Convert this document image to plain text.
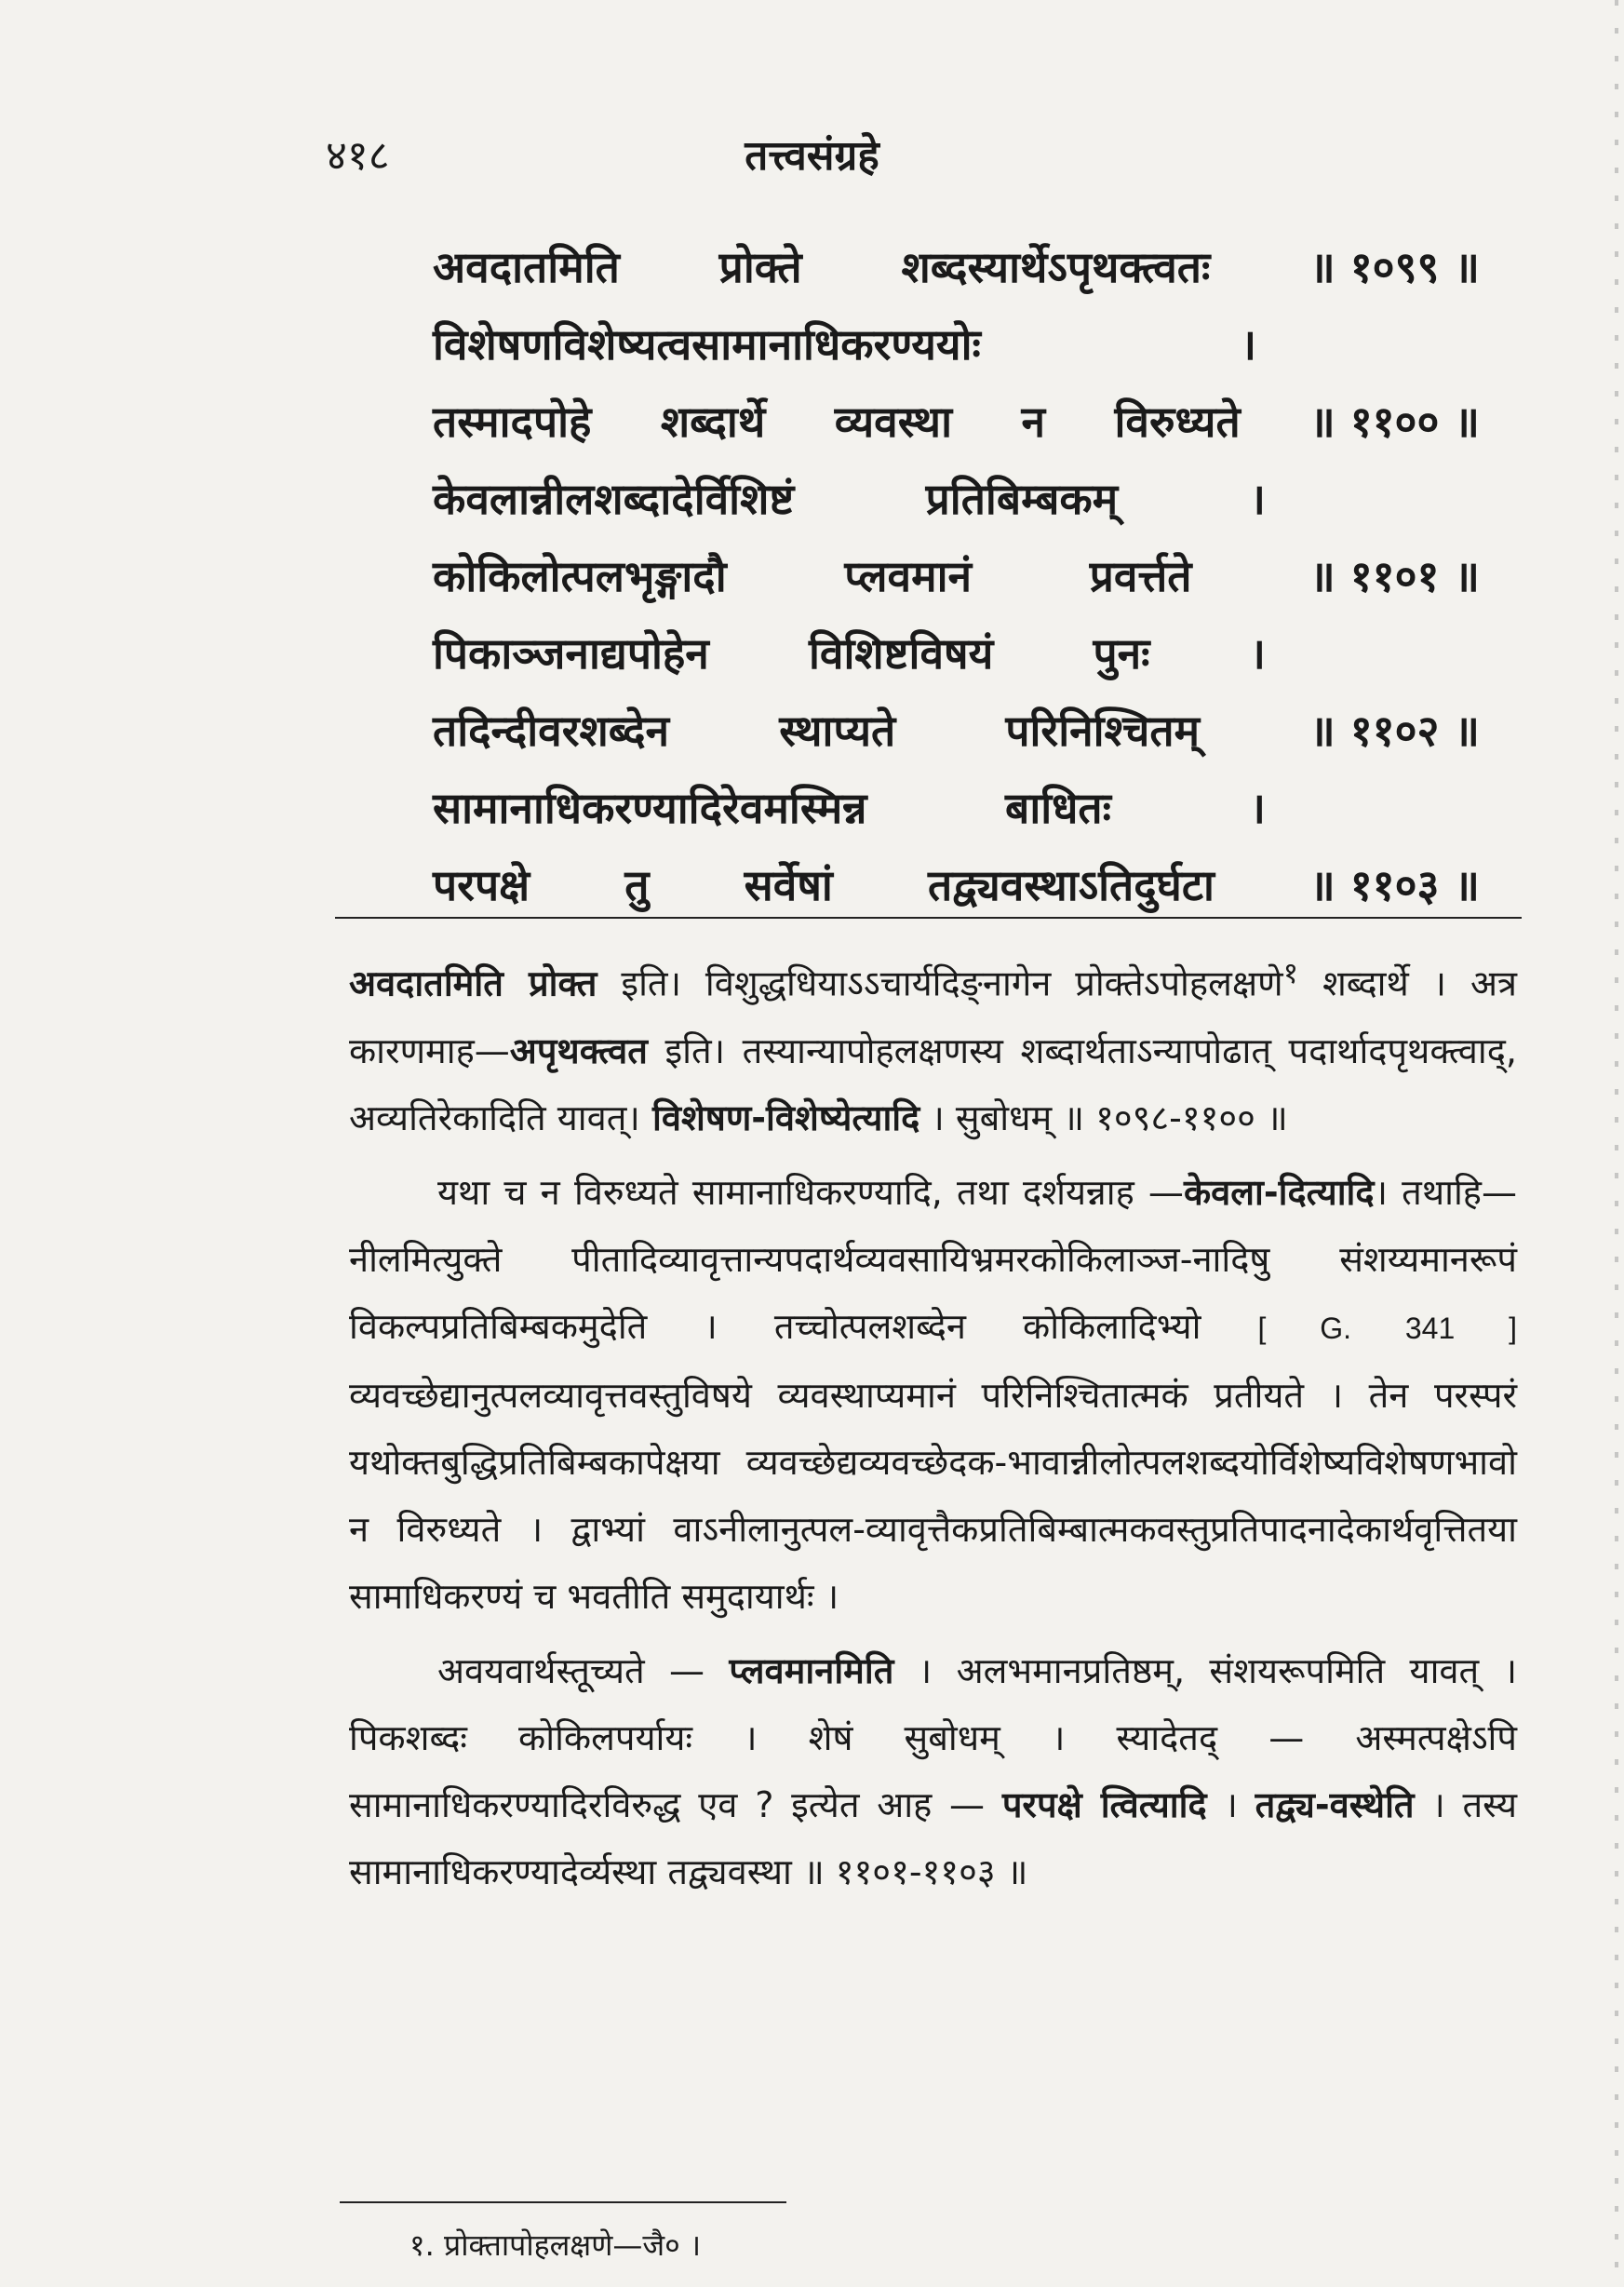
४१८	तत्त्वसंग्रहे
अवदातमिति प्रोक्ते शब्दस्यार्थेऽपृथक्त्वतः ॥ १०९९ ॥
विशेषणविशेष्यत्वसामानाधिकरण्ययोः	।
तस्मादपोहे शब्दार्थे व्यवस्था न विरुध्यते ॥ ११०० ॥
केवलान्नीलशब्दादेर्विशिष्टं	प्रतिबिम्बकम्	।
कोकिलोत्पलभृङ्गादौ	प्लवमानं	प्रवर्त्तते	॥ ११०१ ॥
पिकाञ्जनाद्यपोहेन विशिष्टविषयं पुनः ।
तदिन्दीवरशब्देन	स्थाप्यते	परिनिश्चितम्	॥ ११०२ ॥
सामानाधिकरण्यादिरेवमस्मिन्न	बाधितः	।
परपक्षे तु सर्वेषां तद्व्यवस्थाऽतिदुर्घटा ॥ ११०३ ॥

अवदातमिति प्रोक्त इति। विशुद्धधियाऽऽचार्यदिङ्नागेन प्रोक्तेऽपोहलक्षणे$^१$ शब्दार्थे । अत्र कारणमाह—अपृथक्त्वत इति। तस्यान्यापोहलक्षणस्य शब्दार्थताऽन्यापोढात् पदार्थादपृथक्त्वाद्, अव्यतिरेकादिति यावत्। विशेषण-विशेष्येत्यादि । सुबोधम् ॥ १०९८-११०० ॥

यथा च न विरुध्यते सामानाधिकरण्यादि, तथा दर्शयन्नाह —केवला-दित्यादि। तथाहि—नीलमित्युक्ते पीतादिव्यावृत्तान्यपदार्थव्यवसायिभ्रमरकोकिलाञ्ज-नादिषु संशय्यमानरूपं विकल्पप्रतिबिम्बकमुदेति । तच्चोत्पलशब्देन कोकिलादिभ्यो [ G. 341 ] व्यवच्छेद्यानुत्पलव्यावृत्तवस्तुविषये व्यवस्थाप्यमानं परिनिश्चितात्मकं प्रतीयते । तेन परस्परं यथोक्तबुद्धिप्रतिबिम्बकापेक्षया व्यवच्छेद्यव्यवच्छेदक-भावान्नीलोत्पलशब्दयोर्विशेष्यविशेषणभावो न विरुध्यते । द्वाभ्यां वाऽनीलानुत्पल-व्यावृत्तैकप्रतिबिम्बात्मकवस्तुप्रतिपादनादेकार्थवृत्तितया सामाधिकरण्यं च भवतीति समुदायार्थः ।

अवयवार्थस्तूच्यते — प्लवमानमिति । अलभमानप्रतिष्ठम्, संशयरूपमिति यावत् । पिकशब्दः कोकिलपर्यायः । शेषं सुबोधम् । स्यादेतद् — अस्मत्पक्षेऽपि सामानाधिकरण्यादिरविरुद्ध एव ? इत्येत आह — परपक्षे त्वित्यादि । तद्व्य-वस्थेति । तस्य सामानाधिकरण्यादेर्व्यस्था तद्व्यवस्था ॥ ११०१-११०३ ॥

१. प्रोक्तापोहलक्षणे—जै० ।
